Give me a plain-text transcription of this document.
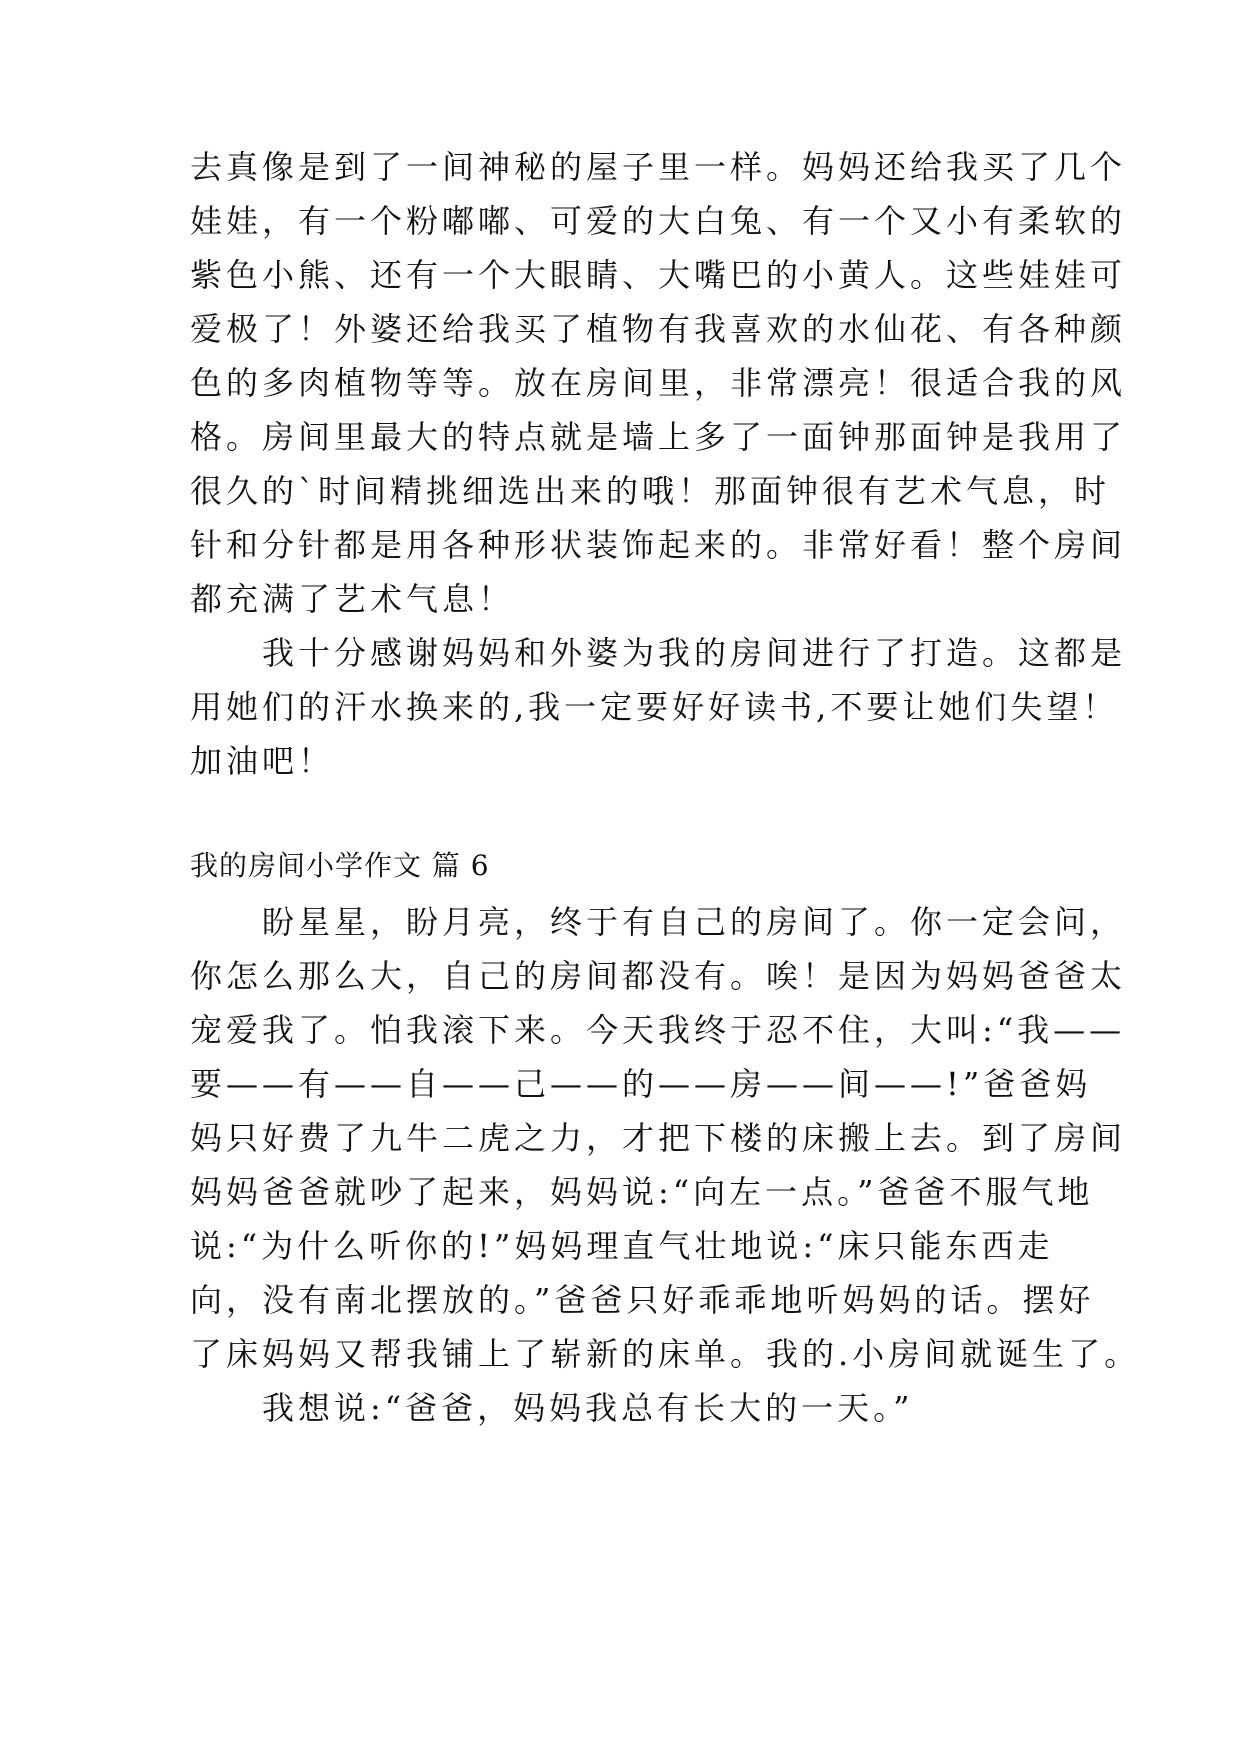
去真像是到了一间神秘的屋子里一样。妈妈还给我买了几个
娃娃，有一个粉嘟嘟、可爱的大白兔、有一个又小有柔软的
紫色小熊、还有一个大眼睛、大嘴巴的小黄人。这些娃娃可
爱极了！外婆还给我买了植物有我喜欢的水仙花、有各种颜
色的多肉植物等等。放在房间里，非常漂亮！很适合我的风
格。房间里最大的特点就是墙上多了一面钟那面钟是我用了
很久的`时间精挑细选出来的哦！那面钟很有艺术气息，时
针和分针都是用各种形状装饰起来的。非常好看！整个房间
都充满了艺术气息！
　　我十分感谢妈妈和外婆为我的房间进行了打造。这都是
用她们的汗水换来的,我一定要好好读书,不要让她们失望！
加油吧！
我的房间小学作文 篇 6
　　盼星星，盼月亮，终于有自己的房间了。你一定会问，
你怎么那么大，自己的房间都没有。唉！是因为妈妈爸爸太
宠爱我了。怕我滚下来。今天我终于忍不住，大叫:“我——
要——有——自——己——的——房——间——!”爸爸妈
妈只好费了九牛二虎之力，才把下楼的床搬上去。到了房间
妈妈爸爸就吵了起来，妈妈说:“向左一点。”爸爸不服气地
说:“为什么听你的!”妈妈理直气壮地说:“床只能东西走
向，没有南北摆放的。”爸爸只好乖乖地听妈妈的话。摆好
了床妈妈又帮我铺上了崭新的床单。我的.小房间就诞生了。
　　我想说:“爸爸，妈妈我总有长大的一天。”
